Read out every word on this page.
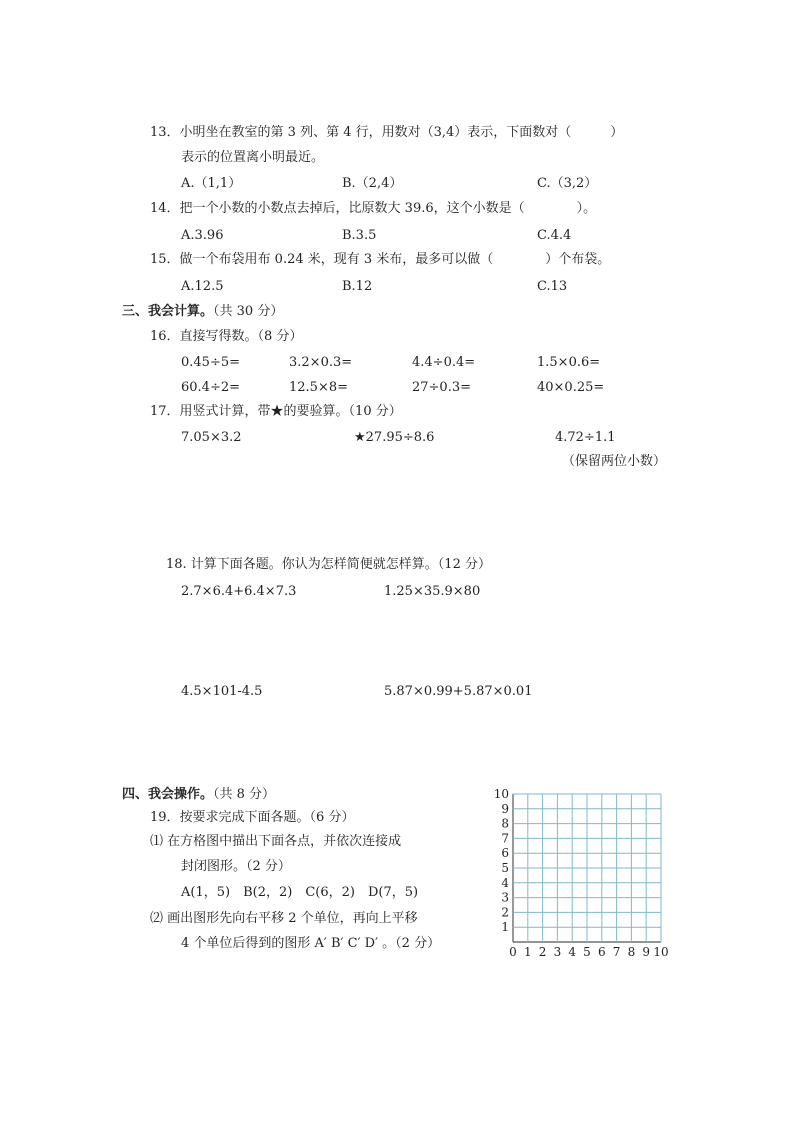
13．小明坐在教室的第 3 列、第 4 行，用数对（3,4）表示，下面数对（　　　）
表示的位置离小明最近。
A.（1,1）	B.（2,4）	C.（3,2）
14．把一个小数的小数点去掉后，比原数大 39.6，这个小数是（　　　　）。
A.3.96	B.3.5	C.4.4
15．做一个布袋用布 0.24 米，现有 3 米布，最多可以做（　　　　）个布袋。
A.12.5	B.12	C.13
三、我会计算。（共 30 分）
16．直接写得数。（8 分）
0.45÷5=	3.2×0.3=	4.4÷0.4=	1.5×0.6=
60.4÷2=	12.5×8=	27÷0.3=	40×0.25=
17．用竖式计算，带★的要验算。（10 分）
7.05×3.2	★27.95÷8.6	4.72÷1.1
（保留两位小数）
18. 计算下面各题。你认为怎样简便就怎样算。（12 分）
2.7×6.4+6.4×7.3	1.25×35.9×80
4.5×101-4.5	5.87×0.99+5.87×0.01
四、我会操作。（共 8 分）
19．按要求完成下面各题。（6 分）
⑴ 在方格图中描出下面各点，并依次连接成
封闭图形。（2 分）
A(1，5)　B(2，2)　C(6，2)　D(7，5)
⑵ 画出图形先向右平移 2 个单位，再向上平移
4 个单位后得到的图形 A′ B′ C′ D′ 。（2 分）
0 1 2 3 4 5 6 7 8 9 10
1
2
3
4
5
6
7
8
9
10
